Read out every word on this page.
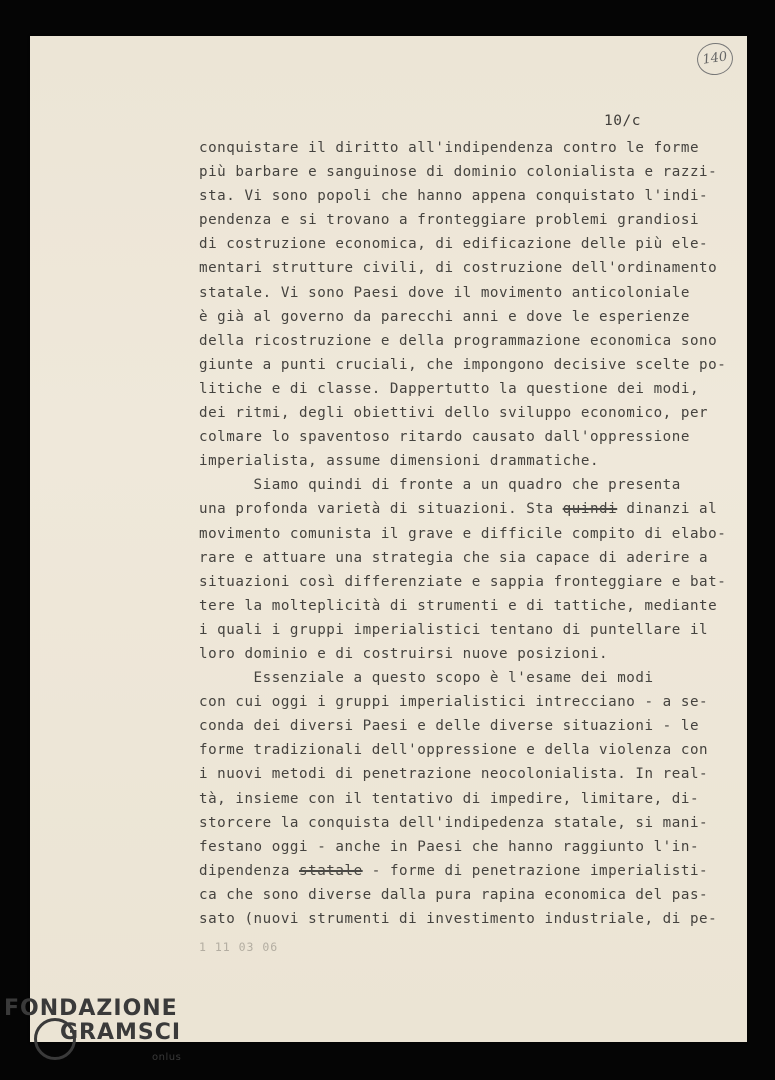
140
10/c
conquistare il diritto all'indipendenza contro le forme
più barbare e sanguinose di dominio colonialista e razzi-
sta. Vi sono popoli che hanno appena conquistato l'indi-
pendenza e si trovano a fronteggiare problemi grandiosi
di costruzione economica, di edificazione delle più ele-
mentari strutture civili, di costruzione dell'ordinamento
statale. Vi sono Paesi dove il movimento anticoloniale
è già al governo da parecchi anni e dove le esperienze
della ricostruzione e della programmazione economica sono
giunte a punti cruciali, che impongono decisive scelte po-
litiche e di classe. Dappertutto la questione dei modi,
dei ritmi, degli obiettivi dello sviluppo economico, per
colmare lo spaventoso ritardo causato dall'oppressione
imperialista, assume dimensioni drammatiche.
Siamo quindi di fronte a un quadro che presenta
una profonda varietà di situazioni. Sta quindi dinanzi al
movimento comunista il grave e difficile compito di elabo-
rare e attuare una strategia che sia capace di aderire a
situazioni così differenziate e sappia fronteggiare e bat-
tere la molteplicità di strumenti e di tattiche, mediante
i quali i gruppi imperialistici tentano di puntellare il
loro dominio e di costruirsi nuove posizioni.
Essenziale a questo scopo è l'esame dei modi
con cui oggi i gruppi imperialistici intrecciano - a se-
conda dei diversi Paesi e delle diverse situazioni - le
forme tradizionali dell'oppressione e della violenza con
i nuovi metodi di penetrazione neocolonialista. In real-
tà, insieme con il tentativo di impedire, limitare, di-
storcere la conquista dell'indipedenza statale, si mani-
festano oggi - anche in Paesi che hanno raggiunto l'in-
dipendenza statale - forme di penetrazione imperialisti-
ca che sono diverse dalla pura rapina economica del pas-
sato (nuovi strumenti di investimento industriale, di pe-
1 11 03 06
FONDAZIONE
GRAMSCI
onlus
